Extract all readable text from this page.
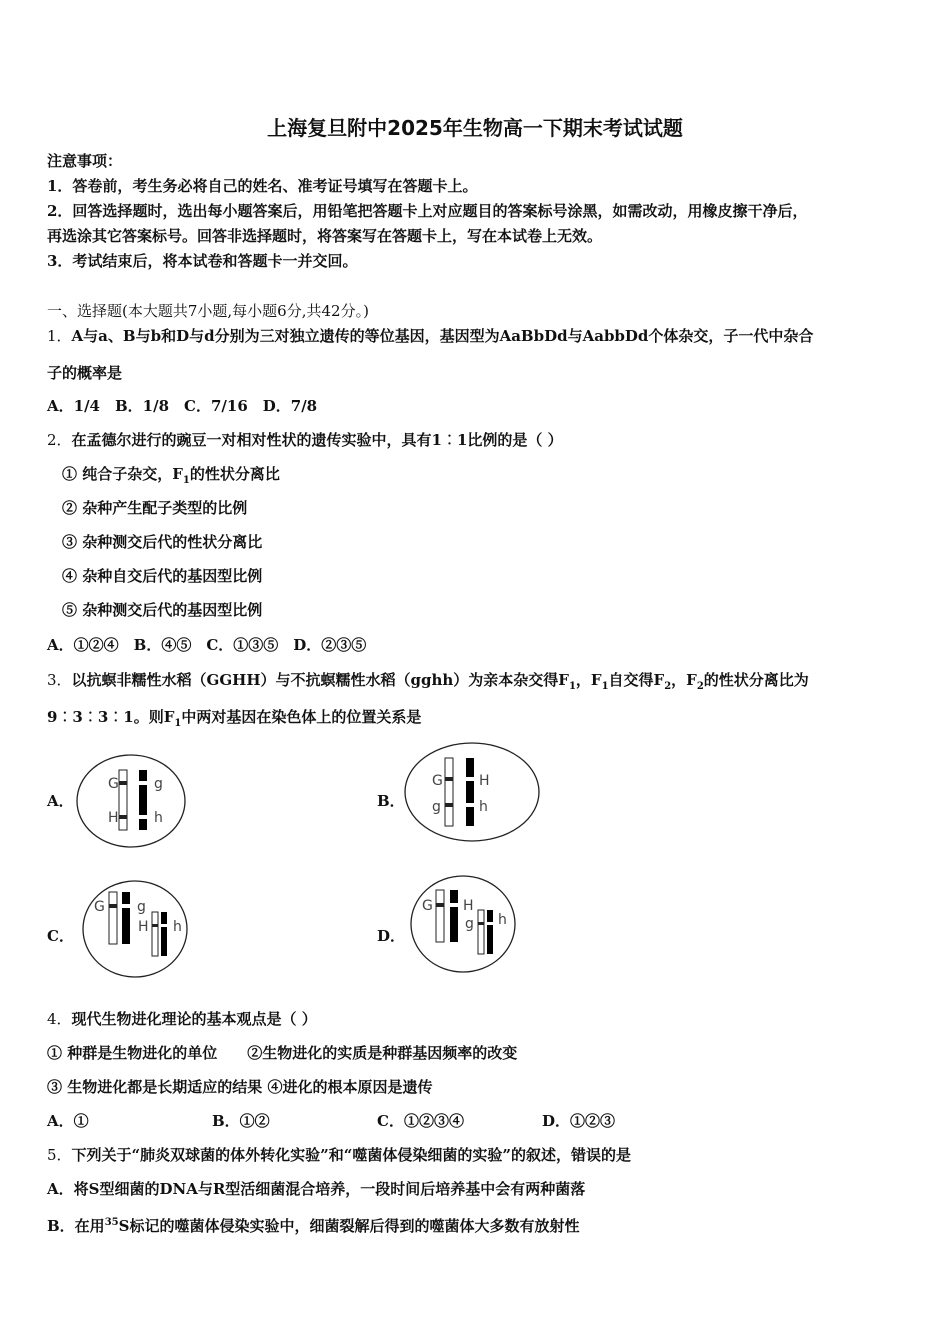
上海复旦附中2025年生物高一下期末考试试题
注意事项：
1．答卷前，考生务必将自己的姓名、准考证号填写在答题卡上。
2．回答选择题时，选出每小题答案后，用铅笔把答题卡上对应题目的答案标号涂黑，如需改动，用橡皮擦干净后，
再选涂其它答案标号。回答非选择题时，将答案写在答题卡上，写在本试卷上无效。
3．考试结束后，将本试卷和答题卡一并交回。
一、选择题(本大题共7小题,每小题6分,共42分。)
1．A与a、B与b和D与d分别为三对独立遗传的等位基因，基因型为AaBbDd与AabbDd个体杂交，子一代中杂合
子的概率是
A．1/4　B．1/8　C．7/16　D．7/8
2．在孟德尔进行的豌豆一对相对性状的遗传实验中，具有1︰1比例的是（ ）
① 纯合子杂交，$F_1$的性状分离比
② 杂种产生配子类型的比例
③ 杂种测交后代的性状分离比
④ 杂种自交后代的基因型比例
⑤ 杂种测交后代的基因型比例
A．①②④　B．④⑤　C．①③⑤　D．②③⑤
3．以抗螟非糯性水稻（GGHH）与不抗螟糯性水稻（gghh）为亲本杂交得$F_1$，$F_1$自交得$F_2$，$F_2$的性状分离比为
9︰3︰3︰1。则$F_1$中两对基因在染色体上的位置关系是
A．	B．
C．	D．
G	g
H	h
G
g
H
h
G g
H h
G H
g h
4．现代生物进化理论的基本观点是（ ）
① 种群是生物进化的单位　　②生物进化的实质是种群基因频率的改变
③ 生物进化都是长期适应的结果 ④进化的根本原因是遗传
A．①	B．①②	C．①②③④	D．①②③
5．下列关于“肺炎双球菌的体外转化实验”和“噬菌体侵染细菌的实验”的叙述，错误的是
A．将S型细菌的DNA与R型活细菌混合培养，一段时间后培养基中会有两种菌落
B．在用$^{35}$S标记的噬菌体侵染实验中，细菌裂解后得到的噬菌体大多数有放射性
